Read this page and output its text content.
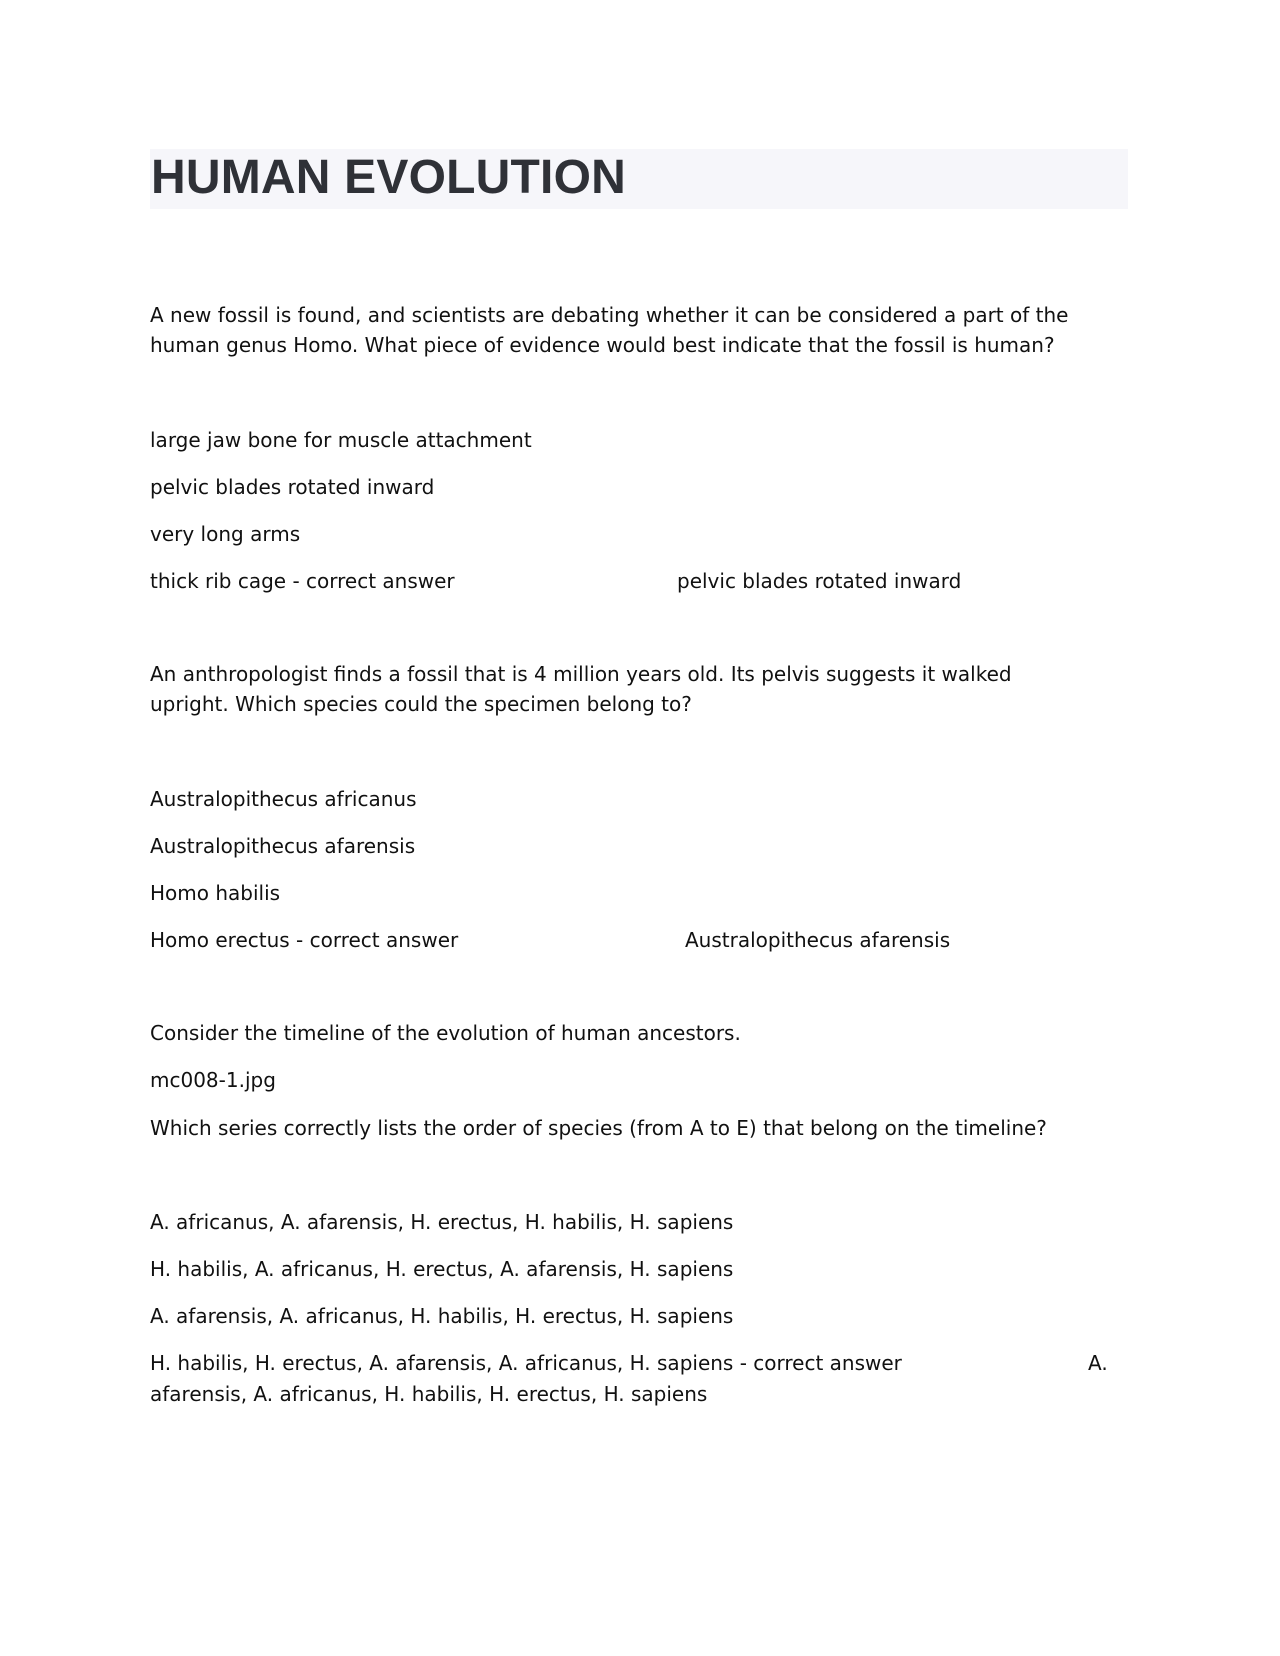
HUMAN EVOLUTION

A new fossil is found, and scientists are debating whether it can be considered a part of the human genus Homo. What piece of evidence would best indicate that the fossil is human?

large jaw bone for muscle attachment

pelvic blades rotated inward

very long arms

thick rib cage - correct answer	pelvic blades rotated inward

An anthropologist finds a fossil that is 4 million years old. Its pelvis suggests it walked upright. Which species could the specimen belong to?

Australopithecus africanus

Australopithecus afarensis

Homo habilis

Homo erectus - correct answer	Australopithecus afarensis

Consider the timeline of the evolution of human ancestors.

mc008-1.jpg

Which series correctly lists the order of species (from A to E) that belong on the timeline?

A. africanus, A. afarensis, H. erectus, H. habilis, H. sapiens

H. habilis, A. africanus, H. erectus, A. afarensis, H. sapiens

A. afarensis, A. africanus, H. habilis, H. erectus, H. sapiens

H. habilis, H. erectus, A. afarensis, A. africanus, H. sapiens - correct answer	A.

afarensis, A. africanus, H. habilis, H. erectus, H. sapiens
